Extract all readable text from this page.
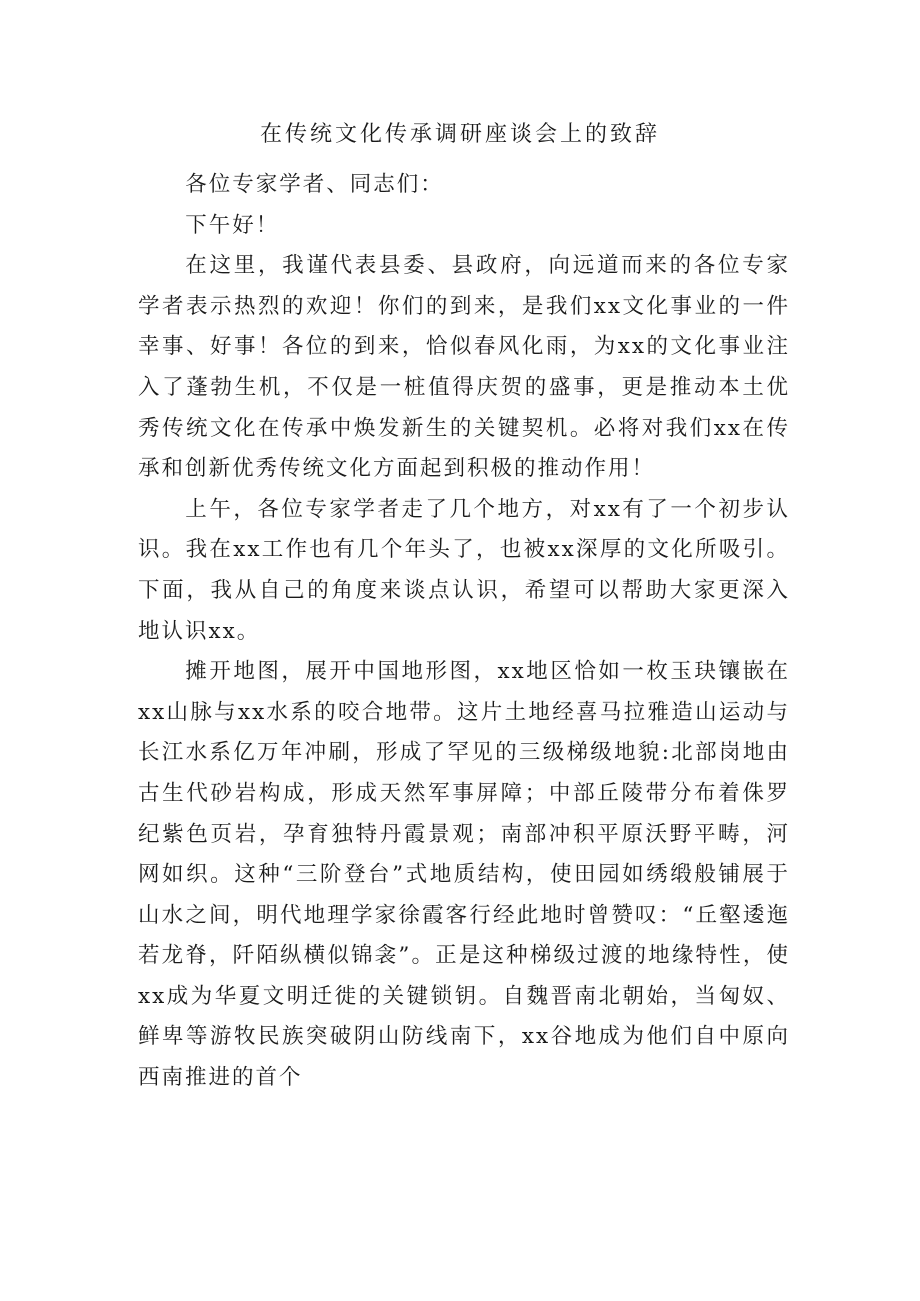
在传统文化传承调研座谈会上的致辞

各位专家学者、同志们：

下午好！

在这里，我谨代表县委、县政府，向远道而来的各位专家学者表示热烈的欢迎！你们的到来，是我们xx文化事业的一件幸事、好事！各位的到来，恰似春风化雨，为xx的文化事业注入了蓬勃生机，不仅是一桩值得庆贺的盛事，更是推动本土优秀传统文化在传承中焕发新生的关键契机。必将对我们xx在传承和创新优秀传统文化方面起到积极的推动作用！

上午，各位专家学者走了几个地方，对xx有了一个初步认识。我在xx工作也有几个年头了，也被xx深厚的文化所吸引。下面，我从自己的角度来谈点认识，希望可以帮助大家更深入地认识xx。

摊开地图，展开中国地形图，xx地区恰如一枚玉玦镶嵌在xx山脉与xx水系的咬合地带。这片土地经喜马拉雅造山运动与长江水系亿万年冲刷，形成了罕见的三级梯级地貌:北部岗地由古生代砂岩构成，形成天然军事屏障；中部丘陵带分布着侏罗纪紫色页岩，孕育独特丹霞景观；南部冲积平原沃野平畴，河网如织。这种“三阶登台”式地质结构，使田园如绣缎般铺展于山水之间，明代地理学家徐霞客行经此地时曾赞叹：“丘壑逶迤若龙脊，阡陌纵横似锦衾”。正是这种梯级过渡的地缘特性，使xx成为华夏文明迁徙的关键锁钥。自魏晋南北朝始，当匈奴、鲜卑等游牧民族突破阴山防线南下，xx谷地成为他们自中原向西南推进的首个
